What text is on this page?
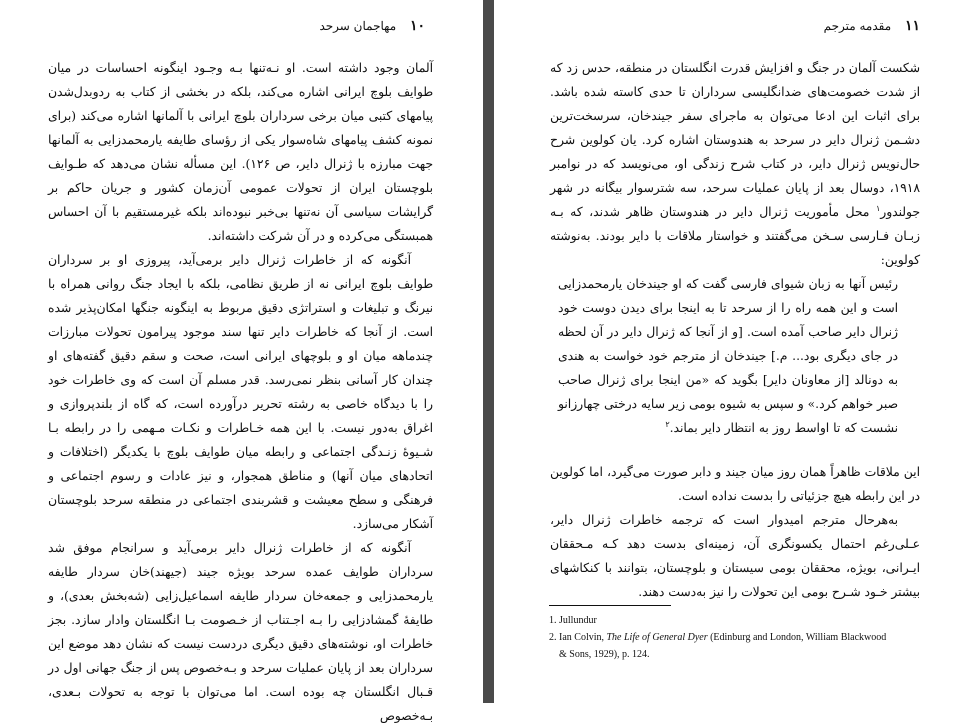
۱۰ مهاجمان سرحد

آلمان وجود داشته است. او نـه‌تنها بـه وجـود اینگونه احساسات در میان طوایف بلوچ ایرانی اشاره می‌کند، بلکه در بخشی از کتاب به ردوبدل‌شدن پیامهای کتبی میان برخی سرداران بلوچ ایرانی با آلمانها اشاره می‌کند (برای نمونه کشف پیامهای شاه‌سوار یکی از رؤسای طایفه یارمحمدزایی به آلمانها جهت مبارزه با ژنرال دایر، ص ۱۲۶). این مسأله نشان می‌دهد که طـوایف بلوچستان ایران از تحولات عمومی آن‌زمان کشور و جریان حاکم بر گرایشات سیاسی آن نه‌تنها بی‌خبر نبوده‌اند بلکه غیرمستقیم با آن احساس همبستگی می‌کرده و در آن شرکت داشته‌اند.

آنگونه که از خاطرات ژنرال دایر برمی‌آید، پیروزی او بر سرداران طوایف بلوچ ایرانی نه از طریق نظامی، بلکه با ایجاد جنگ روانی همراه با نیرنگ و تبلیغات و استراتژی دقیق مربوط به اینگونه جنگها امکان‌پذیر شده است. از آنجا که خاطرات دایر تنها سند موجود پیرامون تحولات مبارزات چندماهه میان او و بلوچهای ایرانی است، صحت و سقم دقیق گفته‌های او چندان کار آسانی بنظر نمی‌رسد. قدر مسلم آن است که وی خاطرات خود را با دیدگاه خاصی به رشته تحریر درآورده است، که گاه از بلندپروازی و اغراق به‌دور نیست. با این همه خـاطرات و نکـات مـهمی را در رابطه بـا شـیوهٔ زنـدگی اجتماعی و رابطه میان طوایف بلوچ با یکدیگر (اختلافات و اتحادهای میان آنها) و مناطق همجوار، و نیز عادات و رسوم اجتماعی و فرهنگی و سطح معیشت و قشربندی اجتماعی در منطقه سرحد بلوچستان آشکار می‌سازد.

آنگونه که از خاطرات ژنرال دایر برمی‌آید و سرانجام موفق شد سرداران طوایف عمده سرحد بویژه جیند (جیهند)خان سردار طایفه یارمحمدزایی و جمعه‌خان سردار طایفه اسماعیل‌زایی (شه‌بخش بعدی)، و طایفهٔ گمشادزایی را بـه اجـتناب از خـصومت بـا انگلستان وادار سازد. بجز خاطرات او، نوشته‌های دقیق دیگری دردست نیست که نشان دهد موضع این سرداران بعد از پایان عملیات سرحد و بـه‌خصوص پس از جنگ جهانی اول در قـبال انگلستان چه بوده است. اما می‌توان با توجه به تحولات بـعدی، بـه‌خصوص

۱۱ مقدمه مترجم

شکست آلمان در جنگ و افزایش قدرت انگلستان در منطقه، حدس زد که از شدت خصومت‌های ضدانگلیسی سرداران تا حدی کاسته شده باشد. برای اثبات این ادعا می‌توان به ماجرای سفر جیندخان، سرسخت‌ترین دشـمن ژنرال دایر در سرحد به هندوستان اشاره کرد. یان کولوین شرح حال‌نویس ژنرال دایر، در کتاب شرح زندگی او، می‌نویسد که در نوامبر ۱۹۱۸، دوسال بعد از پایان عملیات سرحد، سه شترسوار بیگانه در شهر جولندور$^۱$ محل مأموریت ژنرال دایر در هندوستان ظاهر شدند، که بـه زبـان فـارسی سـخن می‌گفتند و خواستار ملاقات با دایر بودند. به‌نوشته کولوین:

رئیس آنها به زبان شیوای فارسی گفت که او جیندخان یارمحمدزایی است و این همه راه را از سرحد تا به اینجا برای دیدن دوست خود ژنرال دایر صاحب آمده است. [و از آنجا که ژنرال دایر در آن لحظه در جای دیگری بود... م.] جیندخان از مترجم خود خواست به هندی به دونالد [از معاونان دایر] بگوید که «من اینجا برای ژنرال صاحب صبر خواهم کرد.» و سپس به شیوه بومی زیر سایه درختی چهارزانو نشست که تا اواسط روز به انتظار دایر بماند.$^۲$

این ملاقات ظاهراً همان روز میان جیند و دابر صورت می‌گیرد، اما کولوین در این رابطه هیچ جزئیاتی را بدست نداده است.

به‌هرحال مترجم امیدوار است که ترجمه خاطرات ژنرال دایر، عـلی‌رغم احتمال یکسونگری آن، زمینه‌ای بدست دهد کـه مـحققان ایـرانی، بویژه، محققان بومی سیستان و بلوچستان، بتوانند با کنکاشهای بیشتر خـود شـرح بومی این تحولات را نیز به‌دست دهند.

1. Jullundur
2. Ian Colvin, The Life of General Dyer (Edinburg and London, William Blackwood
& Sons, 1929), p. 124.
